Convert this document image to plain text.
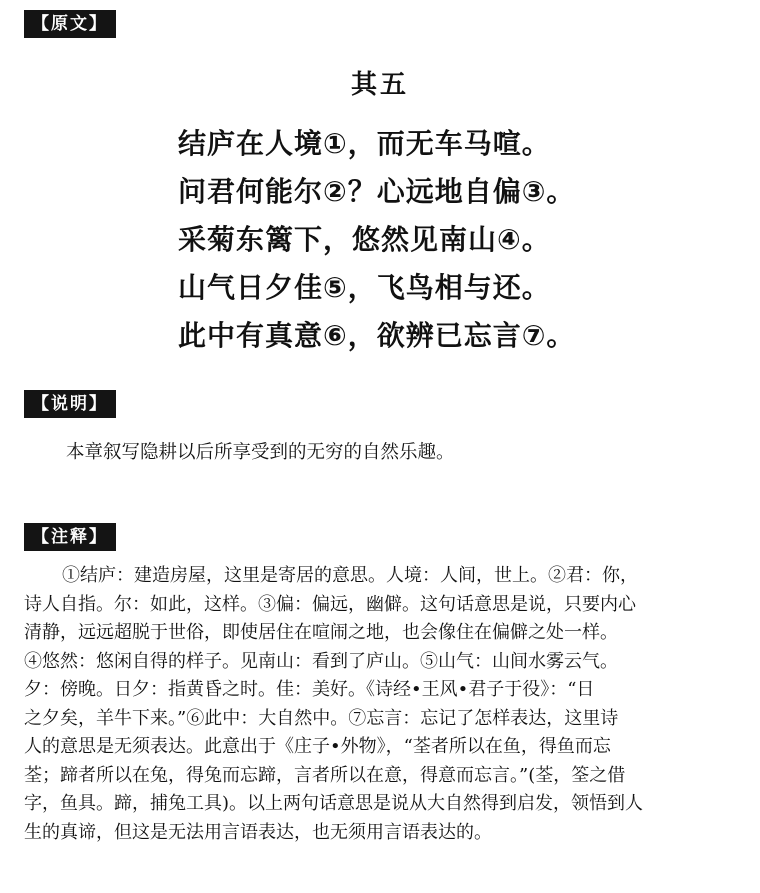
【原文】
其五
结庐在人境①，而无车马喧。
问君何能尔②？心远地自偏③。
采菊东篱下，悠然见南山④。
山气日夕佳⑤，飞鸟相与还。
此中有真意⑥，欲辨已忘言⑦。
【说明】
本章叙写隐耕以后所享受到的无穷的自然乐趣。
【注释】
①结庐：建造房屋，这里是寄居的意思。人境：人间，世上。②君：你，
诗人自指。尔：如此，这样。③偏：偏远，幽僻。这句话意思是说，只要内心
清静，远远超脱于世俗，即使居住在喧闹之地，也会像住在偏僻之处一样。
④悠然：悠闲自得的样子。见南山：看到了庐山。⑤山气：山间水雾云气。
夕：傍晚。日夕：指黄昏之时。佳：美好。《诗经•王风•君子于役》：“日
之夕矣，羊牛下来。”⑥此中：大自然中。⑦忘言：忘记了怎样表达，这里诗
人的意思是无须表达。此意出于《庄子•外物》，“荃者所以在鱼，得鱼而忘
荃；蹄者所以在兔，得兔而忘蹄，言者所以在意，得意而忘言。”(荃，筌之借
字，鱼具。蹄，捕兔工具)。以上两句话意思是说从大自然得到启发，领悟到人
生的真谛，但这是无法用言语表达，也无须用言语表达的。
